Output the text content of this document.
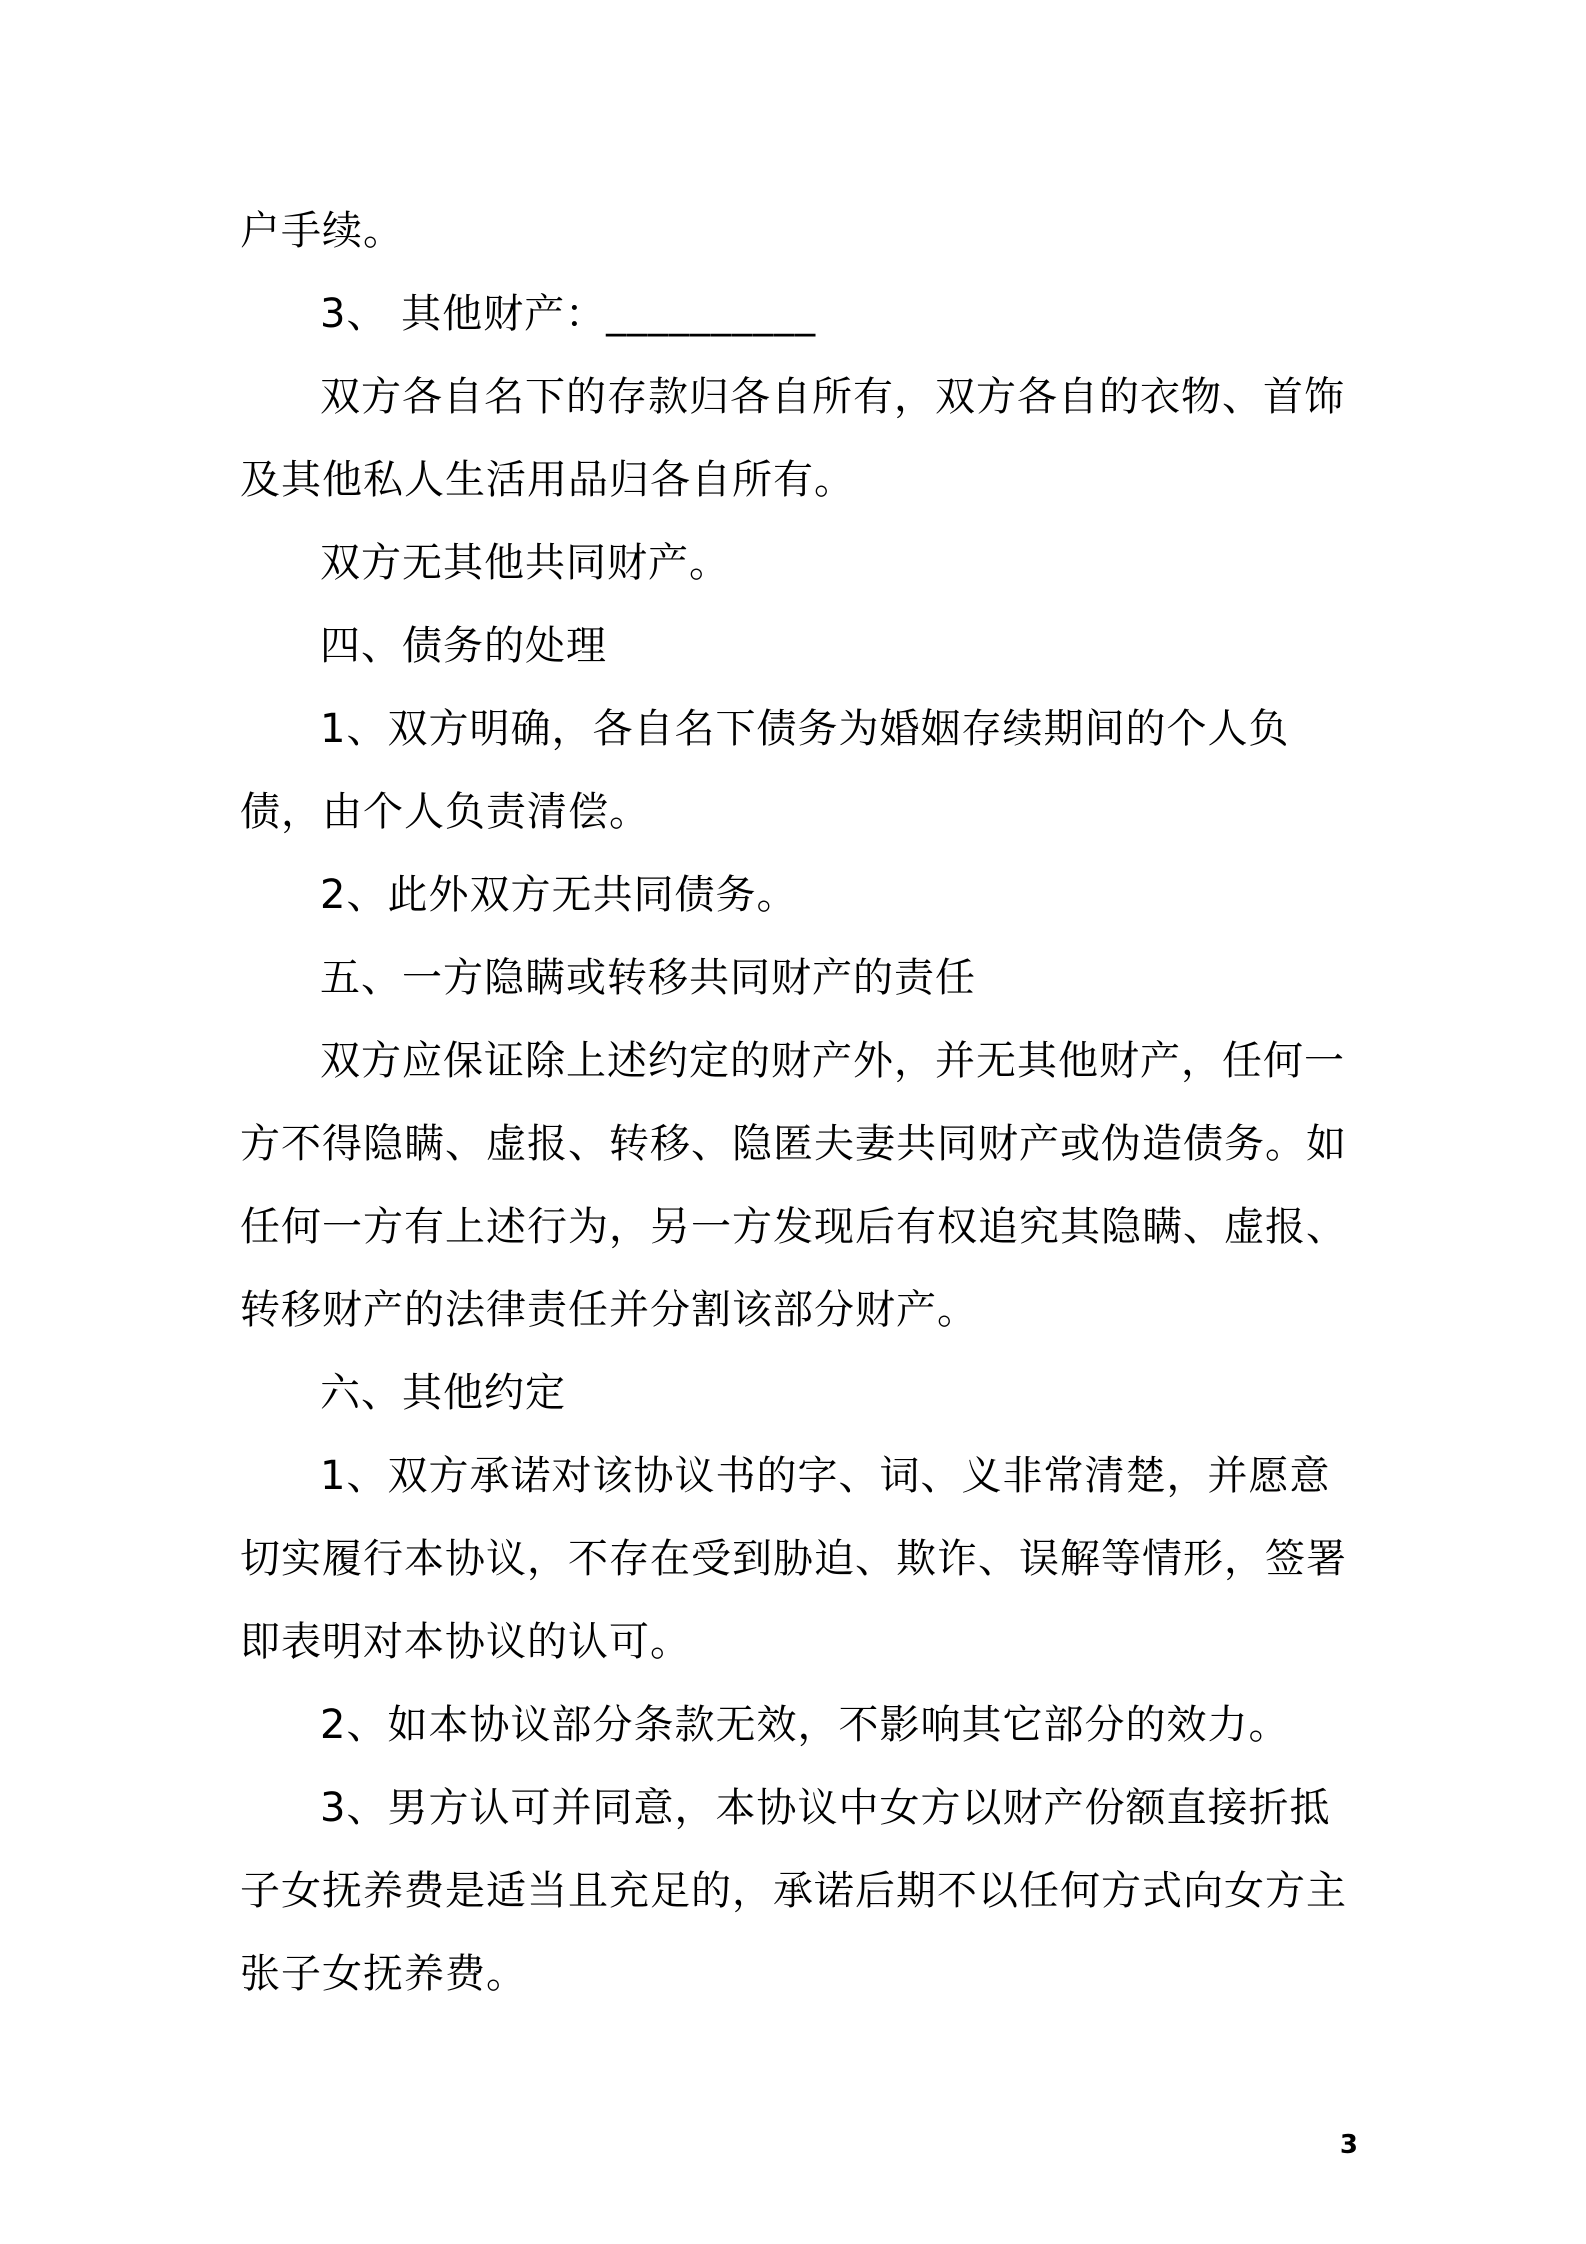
户手续。

3、 其他财产：__________

双方各自名下的存款归各自所有，双方各自的衣物、首饰及其他私人生活用品归各自所有。

双方无其他共同财产。

四、债务的处理

1、双方明确，各自名下债务为婚姻存续期间的个人负债，由个人负责清偿。

2、此外双方无共同债务。

五、一方隐瞒或转移共同财产的责任

双方应保证除上述约定的财产外，并无其他财产，任何一方不得隐瞒、虚报、转移、隐匿夫妻共同财产或伪造债务。如任何一方有上述行为，另一方发现后有权追究其隐瞒、虚报、转移财产的法律责任并分割该部分财产。

六、其他约定

1、双方承诺对该协议书的字、词、义非常清楚，并愿意切实履行本协议，不存在受到胁迫、欺诈、误解等情形，签署即表明对本协议的认可。

2、如本协议部分条款无效，不影响其它部分的效力。

3、男方认可并同意，本协议中女方以财产份额直接折抵子女抚养费是适当且充足的，承诺后期不以任何方式向女方主张子女抚养费。

3
